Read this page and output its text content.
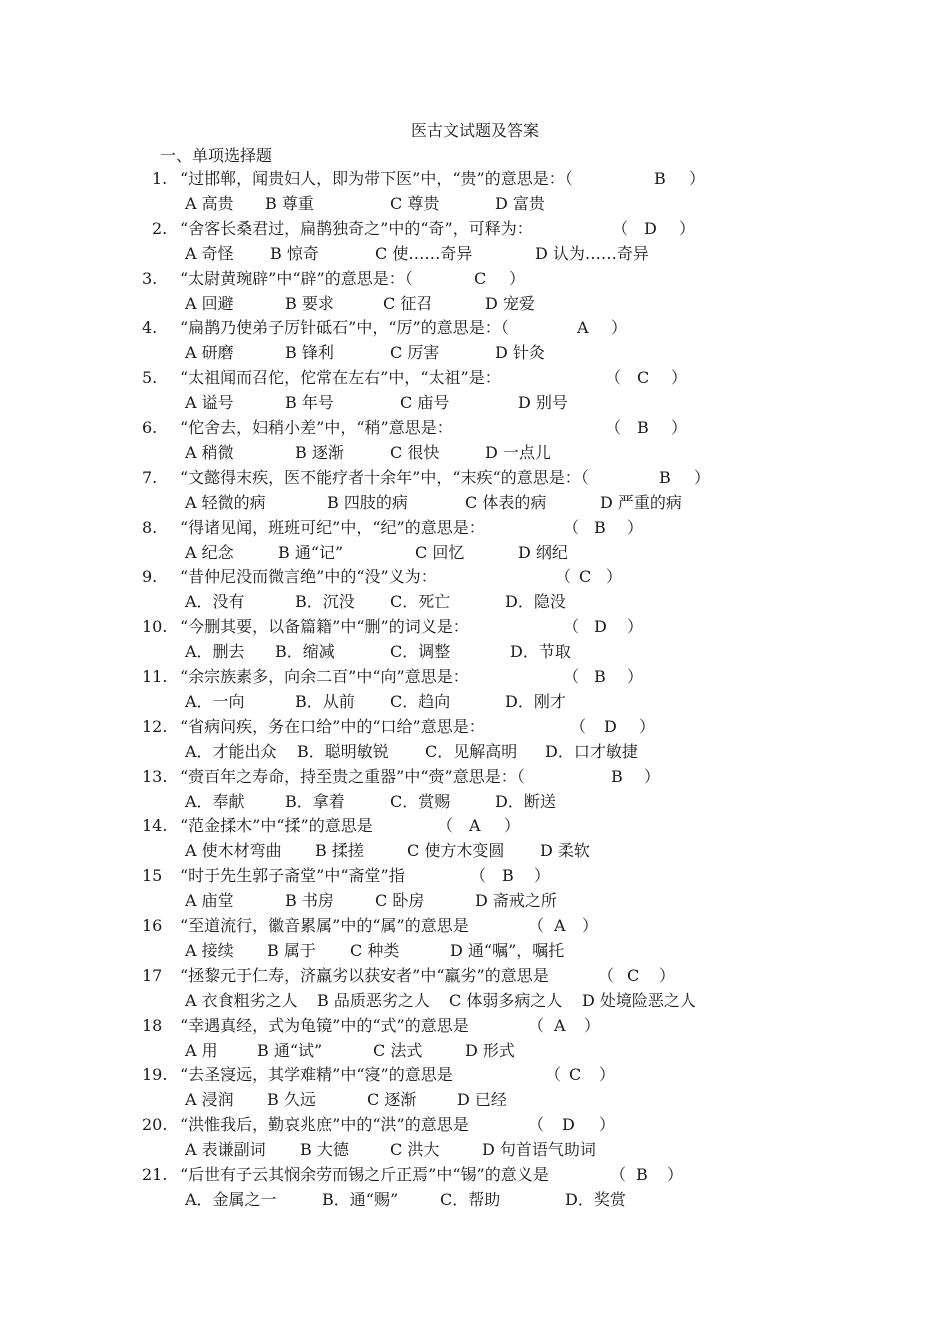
医古文试题及答案
一、单项选择题
1. “过邯郸，闻贵妇人，即为带下医”中，“贵”的意思是：（	B ）
A 高贵 B 尊重	C 尊贵	D 富贵
2. “舍客长桑君过，扁鹊独奇之”中的“奇”，可释为：	（ D ）
A 奇怪 B 惊奇	C 使……奇异	D 认为……奇异
3. “太尉黄琬辟”中“辟”的意思是：（	C ）
A 回避	B 要求	C 征召	D 宠爱
4. “扁鹊乃使弟子厉针砥石”中，“厉”的意思是：（	A ）
A 研磨	B 锋利	C 厉害	D 针灸
5. “太祖闻而召佗，佗常在左右”中，“太祖”是：	（ C ）
A 谥号	B 年号	C 庙号	D 别号
6. “佗舍去，妇稍小差”中，“稍”意思是：	（ B ）
A 稍微	B 逐渐	C 很快	D 一点儿
7. “文懿得末疾，医不能疗者十余年”中，“末疾“的意思是：（	B ）
A 轻微的病	B 四肢的病	C 体表的病	D 严重的病
8. “得诸见闻，班班可纪”中，“纪”的意思是：	（ B ）
A 纪念	B 通“记”	C 回忆	D 纲纪
9. “昔仲尼没而微言绝”中的“没”义为：	（ C ）
A．没有	B．沉没 C．死亡	D．隐没
10. “今删其要，以备篇籍”中“删”的词义是：	（ D ）
A．删去 B．缩减	C．调整	D．节取
11. “余宗族素多，向余二百”中“向”意思是：	（ B ）
A．一向	B．从前 C．趋向	D．刚才
12. “省病问疾，务在口给”中的“口给”意思是：	（ D ）
A．才能出众 B．聪明敏锐 C．见解高明 D．口才敏捷
13. “赍百年之寿命，持至贵之重器”中“赍”意思是：（	B ）
A．奉献	B．拿着	C．赏赐	D．断送
14. “范金揉木”中“揉”的意思是	（ A ）
A 使木材弯曲 B 揉搓	C 使方木变圆 D 柔软
15 “时于先生郭子斋堂”中“斋堂”指	（ B ）
A 庙堂	B 书房	C 卧房	D 斋戒之所
16 “至道流行，徽音累属”中的“属”的意思是	（ A ）
A 接续 B 属于 C 种类	D 通“嘱”，嘱托
17 “拯黎元于仁寿，济羸劣以获安者”中“羸劣”的意思是	（ C ）
A 衣食粗劣之人 B 品质恶劣之人 C 体弱多病之人 D 处境险恶之人
18 “幸遇真经，式为龟镜”中的“式”的意思是	（ A ）
A 用 B 通“试”	C 法式	D 形式
19. “去圣寖远，其学难精”中“寖”的意思是	（ C ）
A 浸润 B 久远	C 逐渐	D 已经
20. “洪惟我后，勤哀兆庶”中的“洪”的意思是	（ D ）
A 表谦副词 B 大德	C 洪大	D 句首语气助词
21. “后世有子云其悯余劳而锡之斤正焉”中“锡”的意义是	（ B ）
A．金属之一	B．通“赐”	C．帮助	D．奖赏
